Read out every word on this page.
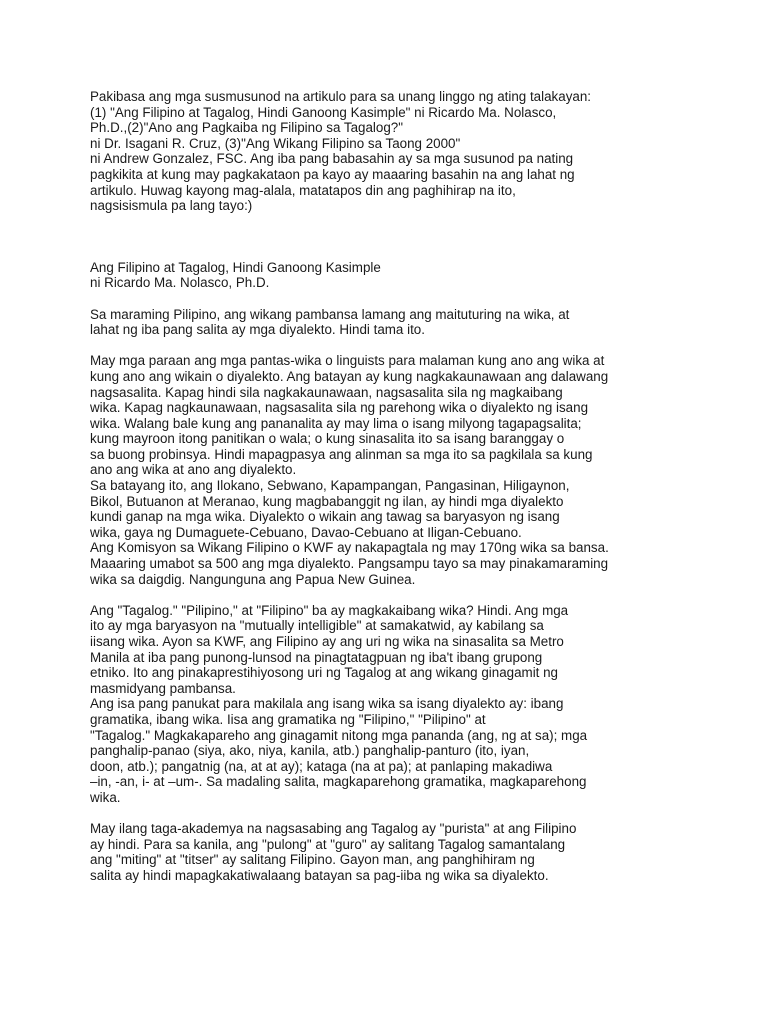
Pakibasa ang mga susmusunod na artikulo para sa unang linggo ng ating talakayan:
(1) "Ang Filipino at Tagalog, Hindi Ganoong Kasimple" ni Ricardo Ma. Nolasco,
Ph.D.,(2)"Ano ang Pagkaiba ng Filipino sa Tagalog?"
ni Dr. Isagani R. Cruz, (3)"Ang Wikang Filipino sa Taong 2000"
ni Andrew Gonzalez, FSC. Ang iba pang babasahin ay sa mga susunod pa nating
pagkikita at kung may pagkakataon pa kayo ay maaaring basahin na ang lahat ng
artikulo. Huwag kayong mag-alala, matatapos din ang paghihirap na ito,
nagsisismula pa lang tayo:)
Ang Filipino at Tagalog, Hindi Ganoong Kasimple
ni Ricardo Ma. Nolasco, Ph.D.
Sa maraming Pilipino, ang wikang pambansa lamang ang maituturing na wika, at
lahat ng iba pang salita ay mga diyalekto. Hindi tama ito.
May mga paraan ang mga pantas-wika o linguists para malaman kung ano ang wika at
kung ano ang wikain o diyalekto. Ang batayan ay kung nagkakaunawaan ang dalawang
nagsasalita. Kapag hindi sila nagkakaunawaan, nagsasalita sila ng magkaibang
wika. Kapag nagkaunawaan, nagsasalita sila ng parehong wika o diyalekto ng isang
wika. Walang bale kung ang pananalita ay may lima o isang milyong tagapagsalita;
kung mayroon itong panitikan o wala; o kung sinasalita ito sa isang baranggay o
sa buong probinsya. Hindi mapagpasya ang alinman sa mga ito sa pagkilala sa kung
ano ang wika at ano ang diyalekto.
Sa batayang ito, ang Ilokano, Sebwano, Kapampangan, Pangasinan, Hiligaynon,
Bikol, Butuanon at Meranao, kung magbabanggit ng ilan, ay hindi mga diyalekto
kundi ganap na mga wika. Diyalekto o wikain ang tawag sa baryasyon ng isang
wika, gaya ng Dumaguete-Cebuano, Davao-Cebuano at Iligan-Cebuano.
Ang Komisyon sa Wikang Filipino o KWF ay nakapagtala ng may 170ng wika sa bansa.
Maaaring umabot sa 500 ang mga diyalekto. Pangsampu tayo sa may pinakamaraming
wika sa daigdig. Nangunguna ang Papua New Guinea.
Ang "Tagalog." "Pilipino," at "Filipino" ba ay magkakaibang wika? Hindi. Ang mga
ito ay mga baryasyon na "mutually intelligible" at samakatwid, ay kabilang sa
iisang wika. Ayon sa KWF, ang Filipino ay ang uri ng wika na sinasalita sa Metro
Manila at iba pang punong-lunsod na pinagtatagpuan ng iba't ibang grupong
etniko. Ito ang pinakaprestihiyosong uri ng Tagalog at ang wikang ginagamit ng
masmidyang pambansa.
Ang isa pang panukat para makilala ang isang wika sa isang diyalekto ay: ibang
gramatika, ibang wika. Iisa ang gramatika ng "Filipino," "Pilipino" at
"Tagalog." Magkakapareho ang ginagamit nitong mga pananda (ang, ng at sa); mga
panghalip-panao (siya, ako, niya, kanila, atb.) panghalip-panturo (ito, iyan,
doon, atb.); pangatnig (na, at at ay); kataga (na at pa); at panlaping makadiwa
–in, -an, i- at –um-. Sa madaling salita, magkaparehong gramatika, magkaparehong
wika.
May ilang taga-akademya na nagsasabing ang Tagalog ay "purista" at ang Filipino
ay hindi. Para sa kanila, ang "pulong" at "guro" ay salitang Tagalog samantalang
ang "miting" at "titser" ay salitang Filipino. Gayon man, ang panghihiram ng
salita ay hindi mapagkakatiwalaang batayan sa pag-iiba ng wika sa diyalekto.
